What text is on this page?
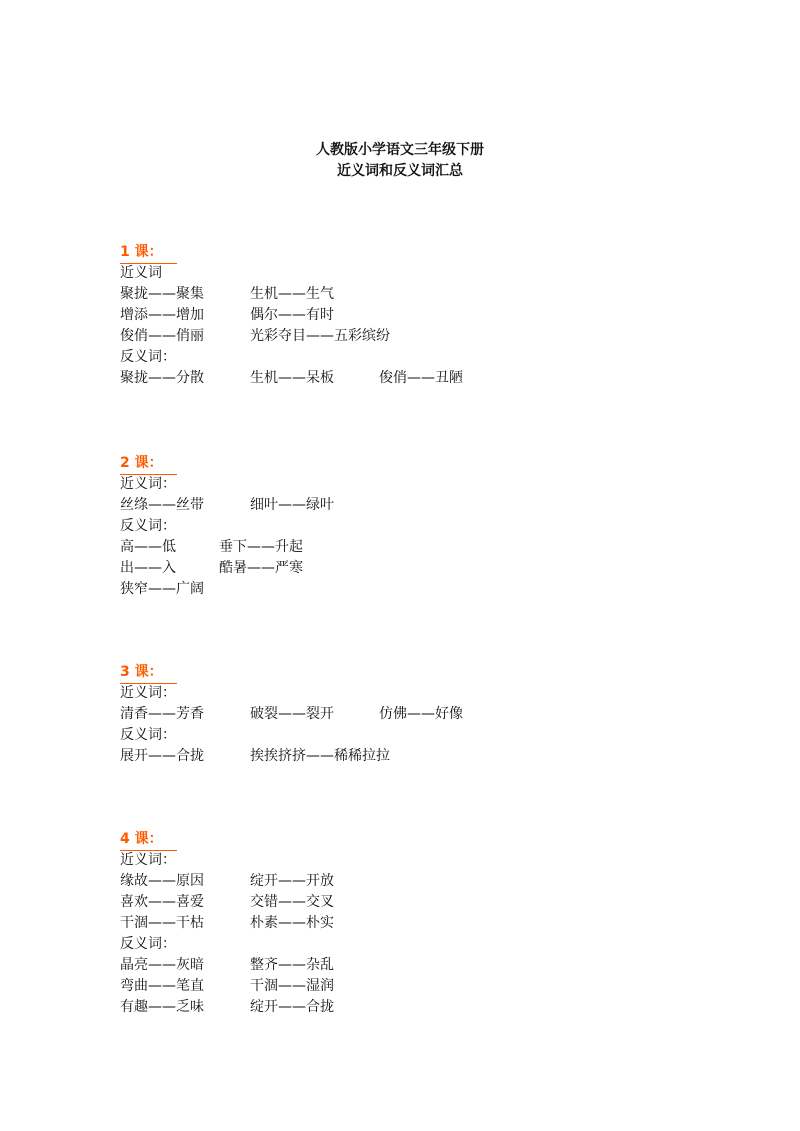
人教版小学语文三年级下册
近义词和反义词汇总
1 课：
近义词
聚拢——聚集	生机——生气
增添——增加	偶尔——有时
俊俏——俏丽	光彩夺目——五彩缤纷
反义词：
聚拢——分散	生机——呆板	俊俏——丑陋
2 课：
近义词：
丝绦——丝带	细叶——绿叶
反义词：
高——低	垂下——升起
出——入	酷暑——严寒
狭窄——广阔
3 课：
近义词：
清香——芳香	破裂——裂开	仿佛——好像
反义词：
展开——合拢	挨挨挤挤——稀稀拉拉
4 课：
近义词：
缘故——原因	绽开——开放
喜欢——喜爱	交错——交叉
干涸——干枯	朴素——朴实
反义词：
晶亮——灰暗	整齐——杂乱
弯曲——笔直	干涸——湿润
有趣——乏味	绽开——合拢
